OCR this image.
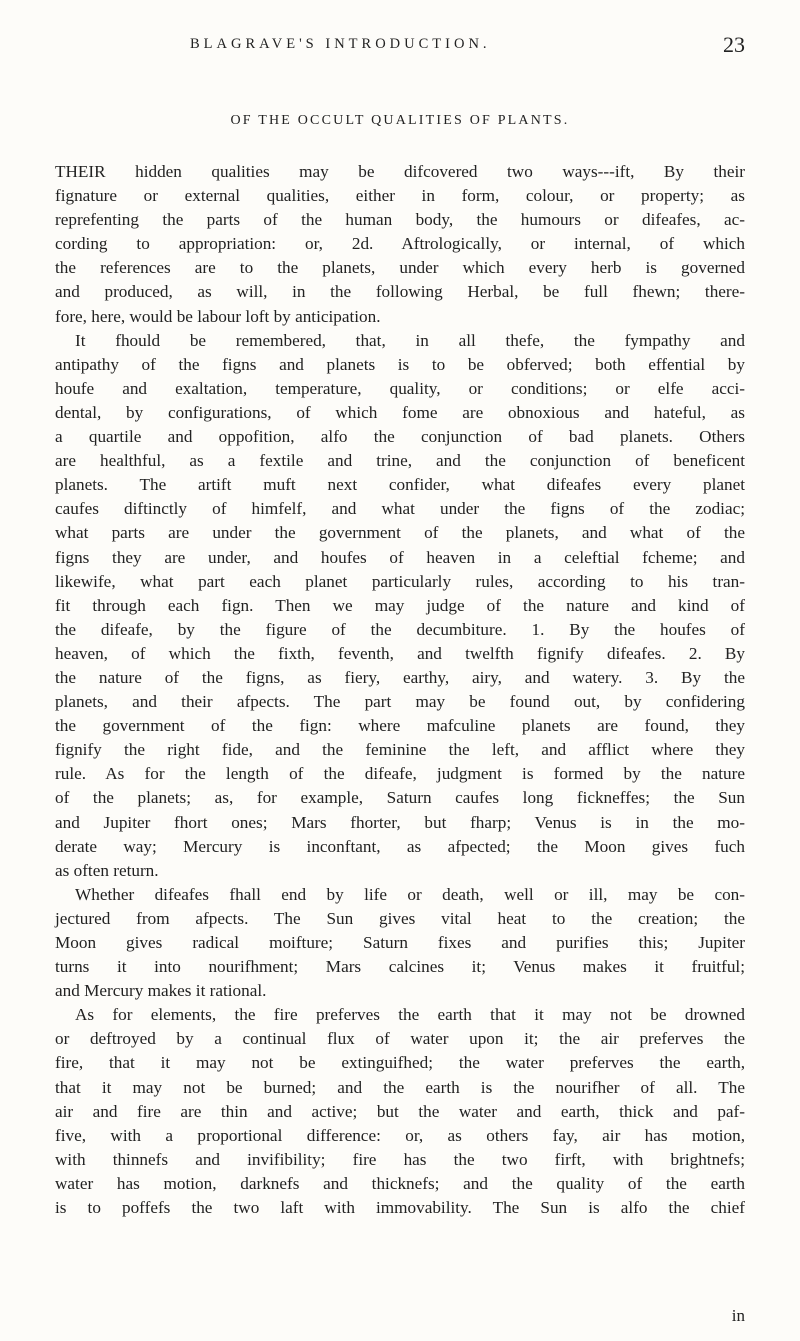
BLAGRAVE'S INTRODUCTION.	23
OF THE OCCULT QUALITIES OF PLANTS.
THEIR hidden qualities may be difcovered two ways---ift, By their
fignature or external qualities, either in form, colour, or property; as
reprefenting the parts of the human body, the humours or difeafes, ac-
cording to appropriation: or, 2d. Aftrologically, or internal, of which
the references are to the planets, under which every herb is governed
and produced, as will, in the following Herbal, be full fhewn; there-
fore, here, would be labour loft by anticipation.
It fhould be remembered, that, in all thefe, the fympathy and
antipathy of the figns and planets is to be obferved; both effential by
houfe and exaltation, temperature, quality, or conditions; or elfe acci-
dental, by configurations, of which fome are obnoxious and hateful, as
a quartile and oppofition, alfo the conjunction of bad planets. Others
are healthful, as a fextile and trine, and the conjunction of beneficent
planets. The artift muft next confider, what difeafes every planet
caufes diftinctly of himfelf, and what under the figns of the zodiac;
what parts are under the government of the planets, and what of the
figns they are under, and houfes of heaven in a celeftial fcheme; and
likewife, what part each planet particularly rules, according to his tran-
fit through each fign. Then we may judge of the nature and kind of
the difeafe, by the figure of the decumbiture. 1. By the houfes of
heaven, of which the fixth, feventh, and twelfth fignify difeafes. 2. By
the nature of the figns, as fiery, earthy, airy, and watery. 3. By the
planets, and their afpects. The part may be found out, by confidering
the government of the fign: where mafculine planets are found, they
fignify the right fide, and the feminine the left, and afflict where they
rule. As for the length of the difeafe, judgment is formed by the nature
of the planets; as, for example, Saturn caufes long fickneffes; the Sun
and Jupiter fhort ones; Mars fhorter, but fharp; Venus is in the mo-
derate way; Mercury is inconftant, as afpected; the Moon gives fuch
as often return.
Whether difeafes fhall end by life or death, well or ill, may be con-
jectured from afpects. The Sun gives vital heat to the creation; the
Moon gives radical moifture; Saturn fixes and purifies this; Jupiter
turns it into nourifhment; Mars calcines it; Venus makes it fruitful;
and Mercury makes it rational.
As for elements, the fire preferves the earth that it may not be drowned
or deftroyed by a continual flux of water upon it; the air preferves the
fire, that it may not be extinguifhed; the water preferves the earth,
that it may not be burned; and the earth is the nourifher of all. The
air and fire are thin and active; but the water and earth, thick and paf-
five, with a proportional difference: or, as others fay, air has motion,
with thinnefs and invifibility; fire has the two firft, with brightnefs;
water has motion, darknefs and thicknefs; and the quality of the earth
is to poffefs the two laft with immovability. The Sun is alfo the chief
in
